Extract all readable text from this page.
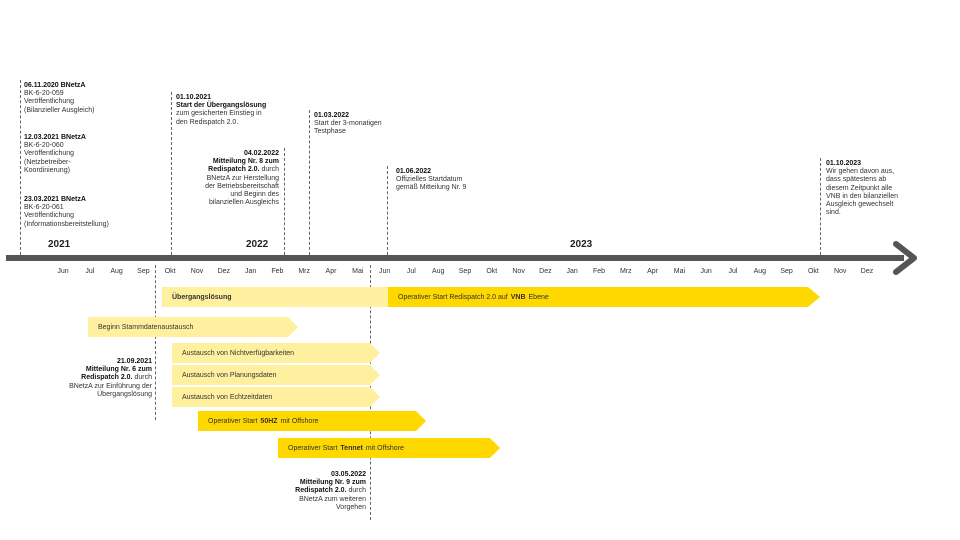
06.11.2020 BNetzA
BK-6-20-059
Veröffentlichung
(Bilanzieller Ausgleich)
12.03.2021 BNetzA
BK-6-20-060
Veröffentlichung
(Netzbetreiber-
Koordinierung)
23.03.2021 BNetzA
BK-6-20-061
Veröffentlichung
(Informationsbereitstellung)
01.10.2021
Start der Übergangslösung
zum gesicherten Einstieg in
den Redispatch 2.0.
04.02.2022
Mitteilung Nr. 8 zum
Redispatch 2.0. durch
BNetzA zur Herstellung
der Betriebsbereitschaft
und Beginn des
bilanziellen Ausgleichs
01.03.2022
Start der 3-monatigen
Testphase
01.06.2022
Offizielles Startdatum
gemäß Mitteilung Nr. 9
01.10.2023
Wir gehen davon aus,
dass spätestens ab
diesem Zeitpunkt alle
VNB in den bilanziellen
Ausgleich gewechselt
sind.
2021	2022	2023
Jun Jul Aug Sep Okt Nov Dez Jan Feb Mrz Apr Mai Jun Jul Aug Sep Okt Nov Dez Jan Feb Mrz Apr Mai Jun Jul Aug Sep Okt Nov Dez
Übergangslösung	Operativer Start Redispatch 2.0 auf VNB Ebene
Beginn Stammdatenaustausch
Austausch von Nichtverfügbarkeiten
Austausch von Planungsdaten
Austausch von Echtzeitdaten
Operativer Start 50HZ mit Offshore
Operativer Start Tennet mit Offshore
21.09.2021
Mitteilung Nr. 6 zum
Redispatch 2.0. durch
BNetzA zur Einführung der
Übergangslösung
03.05.2022
Mitteilung Nr. 9 zum
Redispatch 2.0. durch
BNetzA zum weiteren
Vorgehen
